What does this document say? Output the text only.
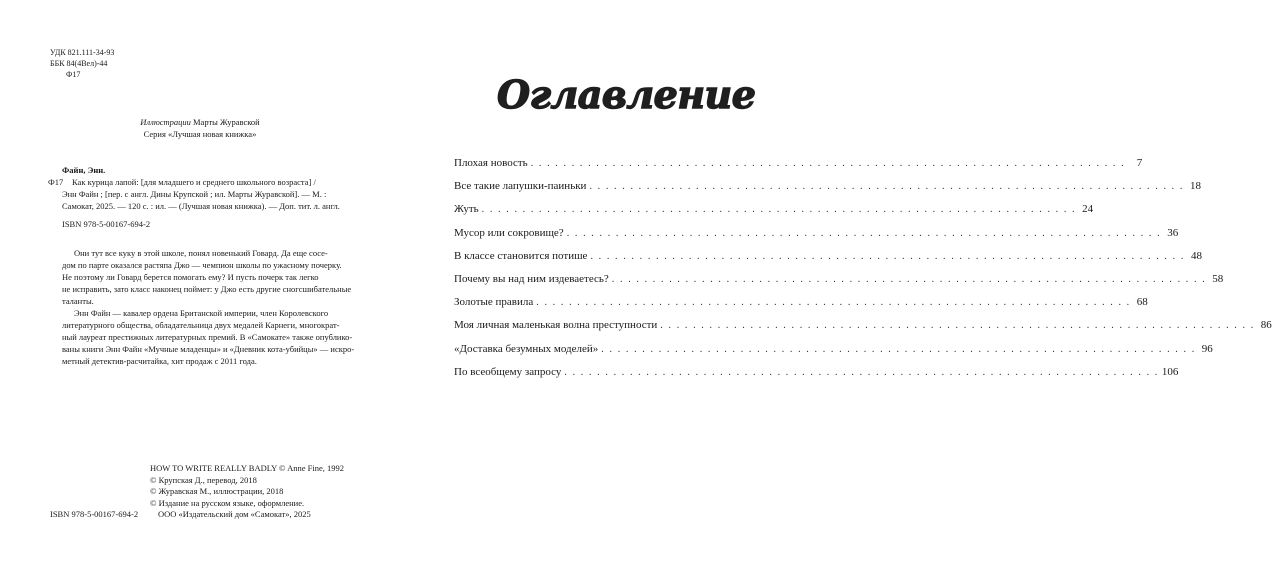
УДК 821.111-34-93
ББК 84(4Вел)-44
Ф17
Иллюстрации Марты Журавской
Серия «Лучшая новая книжка»
Файн, Энн.
Ф17	Как курица лапой: [для младшего и среднего школьного возраста] /
Энн Файн ; [пер. с англ. Дины Крупской ; ил. Марты Журавской]. — М. :
Самокат, 2025. — 120 с. : ил. — (Лучшая новая книжка). — Доп. тит. л. англ.
ISBN 978-5-00167-694-2

Они тут все куку в этой школе, понял новенький Говард. Да еще сосе-
дом по парте оказался растяпа Джо — чемпион школы по ужасному почерку.
Не поэтому ли Говард берется помогать ему? И пусть почерк так легко
не исправить, зато класс наконец поймет: у Джо есть другие сногсшибательные
таланты.

Энн Файн — кавалер ордена Британской империи, член Королевского
литературного общества, обладательница двух медалей Карнеги, многократ-
ный лауреат престижных литературных премий. В «Самокате» также опублико-
ваны книги Энн Файн «Мучные младенцы» и «Дневник кота-убийцы» — искро-
метный детектив-расчитайка, хит продаж с 2011 года.

HOW TO WRITE REALLY BADLY © Anne Fine, 1992
© Крупская Д., перевод, 2018
© Журавская М., иллюстрации, 2018
© Издание на русском языке, оформление.
ООО «Издательский дом «Самокат», 2025
ISBN 978-5-00167-694-2
Оглавление
Плохая новость . . .	7
Все такие лапушки-паиньки . . .	18
Жуть . . .	24
Мусор или сокровище? . . .	36
В классе становится потише . . .	48
Почему вы над ним издеваетесь? . . .	58
Золотые правила . . .	68
Моя личная маленькая волна преступности . . .	86
«Доставка безумных моделей» . . .	96
По всеобщему запросу . . .	106
